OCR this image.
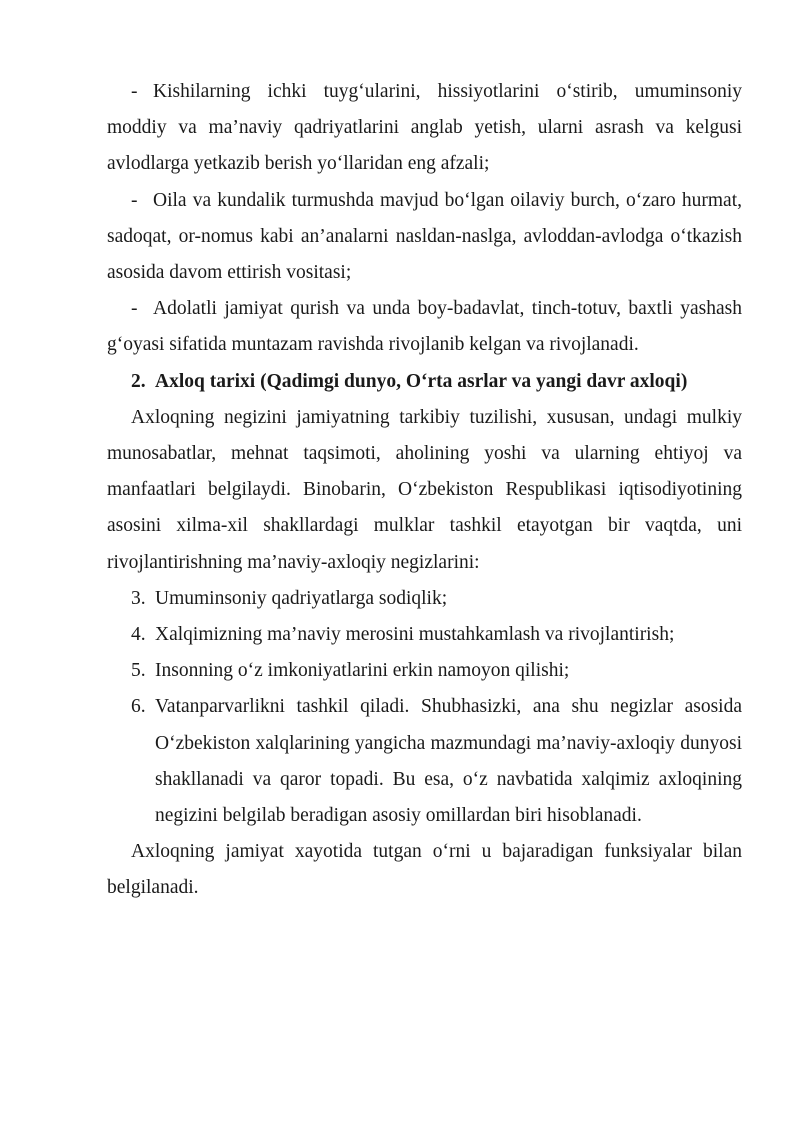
- Kishilarning ichki tuyg‘ularini, hissiyotlarini o‘stirib, umuminsoniy moddiy va ma’naviy qadriyatlarini anglab yetish, ularni asrash va kelgusi avlodlarga yetkazib berish yo‘llaridan eng afzali;

- Oila va kundalik turmushda mavjud bo‘lgan oilaviy burch, o‘zaro hurmat, sadoqat, or-nomus kabi an’analarni nasldan-naslga, avloddan-avlodga o‘tkazish asosida davom ettirish vositasi;

- Adolatli jamiyat qurish va unda boy-badavlat, tinch-totuv, baxtli yashash g‘oyasi sifatida muntazam ravishda rivojlanib kelgan va rivojlanadi.

2. Axloq tarixi (Qadimgi dunyo, O‘rta asrlar va yangi davr axloqi)

Axloqning negizini jamiyatning tarkibiy tuzilishi, xususan, undagi mulkiy munosabatlar, mehnat taqsimoti, aholining yoshi va ularning ehtiyoj va manfaatlari belgilaydi. Binobarin, O‘zbekiston Respublikasi iqtisodiyotining asosini xilma-xil shakllardagi mulklar tashkil etayotgan bir vaqtda, uni rivojlantirishning ma’naviy-axloqiy negizlarini:

3. Umuminsoniy qadriyatlarga sodiqlik;
4. Xalqimizning ma’naviy merosini mustahkamlash va rivojlantirish;
5. Insonning o‘z imkoniyatlarini erkin namoyon qilishi;
6. Vatanparvarlikni tashkil qiladi. Shubhasizki, ana shu negizlar asosida O‘zbekiston xalqlarining yangicha mazmundagi ma’naviy-axloqiy dunyosi shakllanadi va qaror topadi. Bu esa, o‘z navbatida xalqimiz axloqining negizini belgilab beradigan asosiy omillardan biri hisoblanadi.

Axloqning jamiyat xayotida tutgan o‘rni u bajaradigan funksiyalar bilan belgilanadi.
